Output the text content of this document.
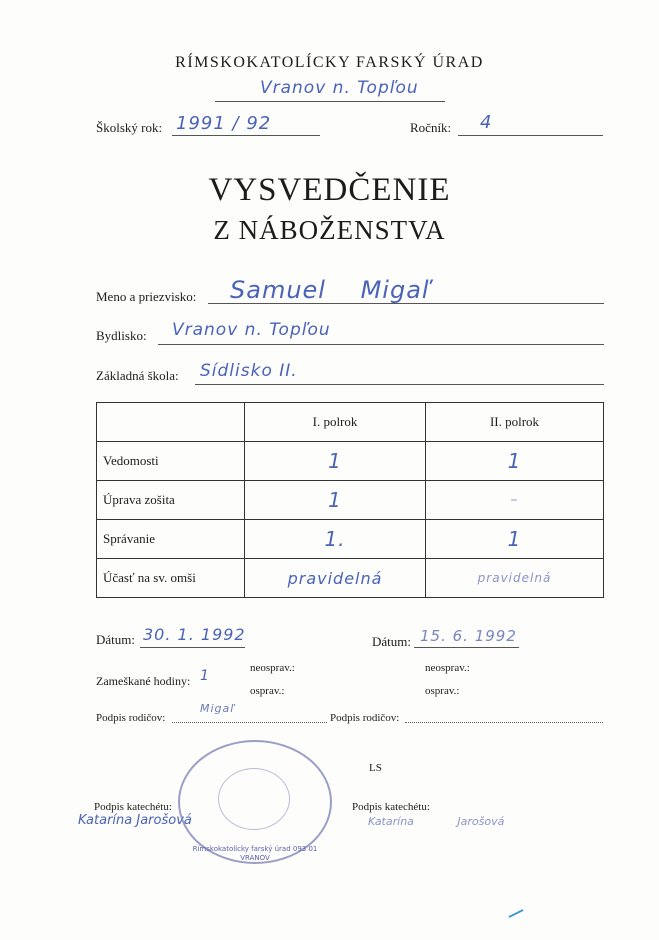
RÍMSKOKATOLÍCKY FARSKÝ ÚRAD
Vranov n. Topľou
Školský rok: 1991 / 92	Ročník: 4
VYSVEDČENIE
Z NÁBOŽENSTVA
Meno a priezvisko: Samuel Migaľ
Bydlisko: Vranov n. Topľou
Základná škola: Sídlisko II.
	I. polrok	II. polrok
Vedomosti	1	1
Úprava zošita	1	–
Správanie	1.	1
Účasť na sv. omši	pravidelná	pravidelná
Dátum: 30. 1. 1992
neosprav.:
Zameškané hodiny: 1
osprav.:
Podpis rodičov:
Migaľ
Podpis katechétu:
Katarína Jarošová
Dátum: 15. 6. 1992
neosprav.:
osprav.:
Podpis rodičov:
LS
Podpis katechétu:
Katarína Jarošová
Rímskokatolícky farský úrad 093 01 VRANOV
